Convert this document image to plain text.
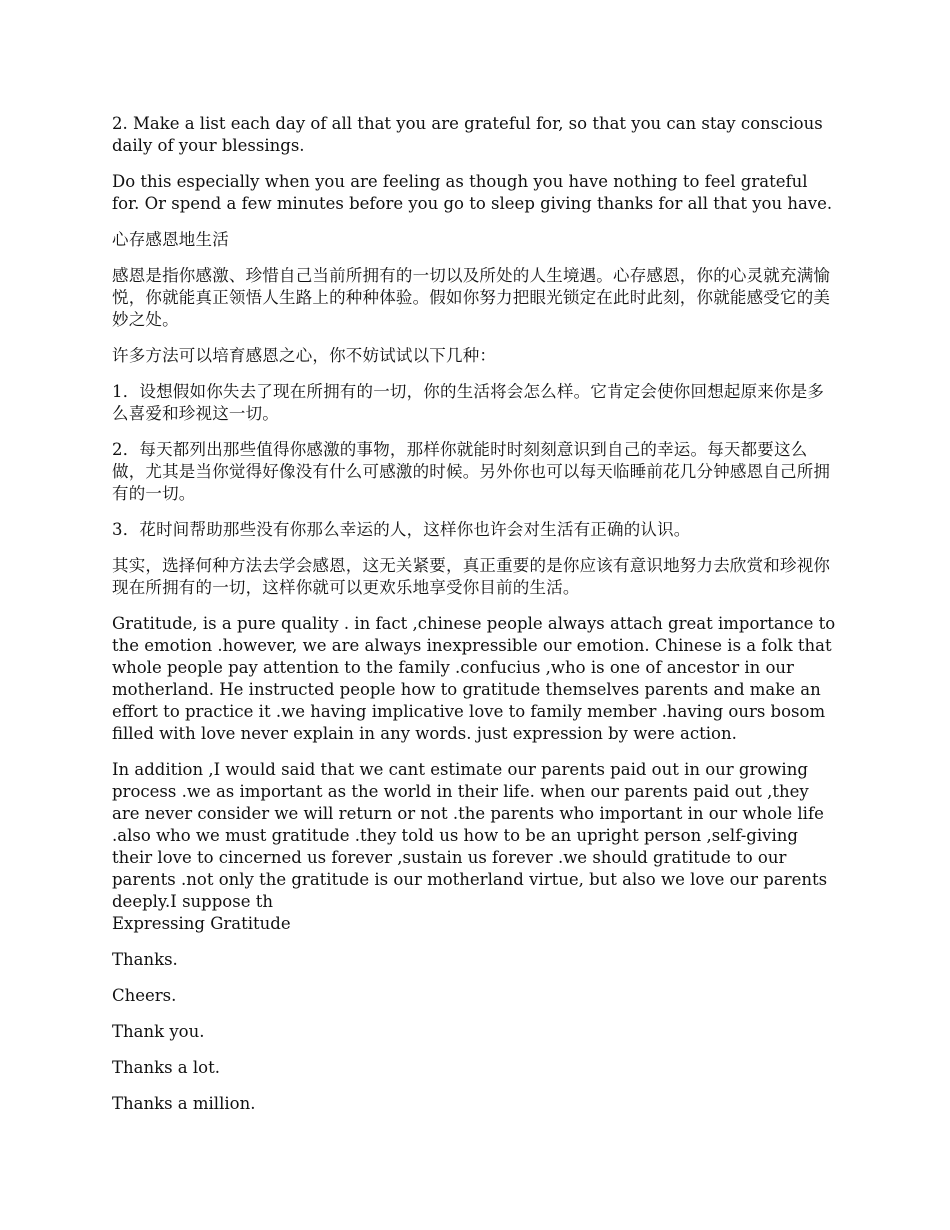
2. Make a list each day of all that you are grateful for, so that you can stay conscious daily of your blessings.

Do this especially when you are feeling as though you have nothing to feel grateful for. Or spend a few minutes before you go to sleep giving thanks for all that you have.

心存感恩地生活

感恩是指你感激、珍惜自己当前所拥有的一切以及所处的人生境遇。心存感恩，你的心灵就充满愉悦，你就能真正领悟人生路上的种种体验。假如你努力把眼光锁定在此时此刻，你就能感受它的美妙之处。

许多方法可以培育感恩之心，你不妨试试以下几种：

1．设想假如你失去了现在所拥有的一切，你的生活将会怎么样。它肯定会使你回想起原来你是多么喜爱和珍视这一切。

2．每天都列出那些值得你感激的事物，那样你就能时时刻刻意识到自己的幸运。每天都要这么做，尤其是当你觉得好像没有什么可感激的时候。另外你也可以每天临睡前花几分钟感恩自己所拥有的一切。

3．花时间帮助那些没有你那么幸运的人，这样你也许会对生活有正确的认识。

其实，选择何种方法去学会感恩，这无关紧要，真正重要的是你应该有意识地努力去欣赏和珍视你现在所拥有的一切，这样你就可以更欢乐地享受你目前的生活。

Gratitude, is a pure quality . in fact ,chinese people always attach great importance to the emotion .however, we are always inexpressible our emotion. Chinese is a folk that whole people pay attention to the family .confucius ,who is one of ancestor in our motherland. He instructed people how to gratitude themselves parents and make an effort to practice it .we having implicative love to family member .having ours bosom filled with love never explain in any words. just expression by were action.

In addition ,I would said that we cant estimate our parents paid out in our growing process .we as important as the world in their life. when our parents paid out ,they are never consider we will return or not .the parents who important in our whole life .also who we must gratitude .they told us how to be an upright person ,self-giving their love to cincerned us forever ,sustain us forever .we should gratitude to our parents .not only the gratitude is our motherland virtue, but also we love our parents deeply.I suppose th
Expressing Gratitude

Thanks.

Cheers.

Thank you.

Thanks a lot.

Thanks a million.
